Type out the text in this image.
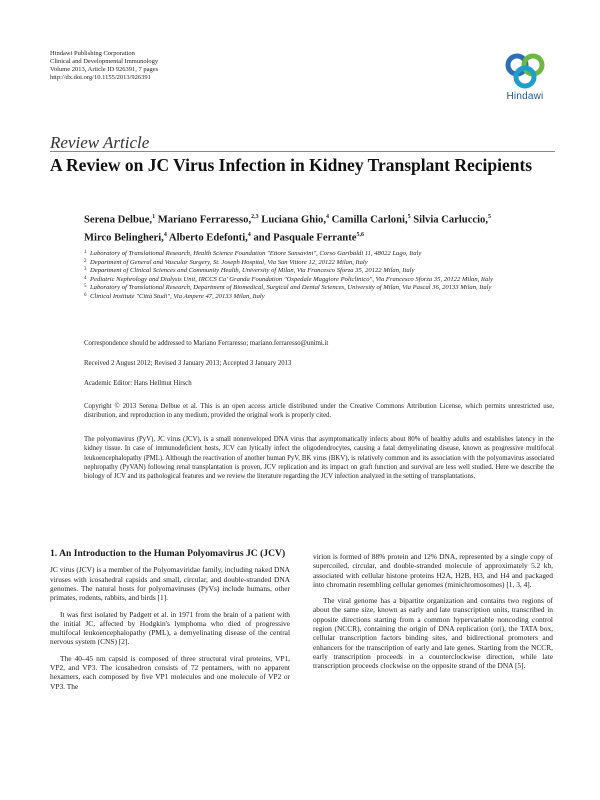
Hindawi Publishing Corporation
Clinical and Developmental Immunology
Volume 2013, Article ID 926391, 7 pages
http://dx.doi.org/10.1155/2013/926391
Hindawi
Review Article
A Review on JC Virus Infection in Kidney Transplant Recipients
Serena Delbue,$^1$ Mariano Ferraresso,$^{2,3}$ Luciana Ghio,$^4$ Camilla Carloni,$^5$ Silvia Carluccio,$^5$
Mirco Belingheri,$^4$ Alberto Edefonti,$^4$ and Pasquale Ferrante$^{5,6}$
1 Laboratory of Translational Research, Health Science Foundation "Ettore Sansavini", Corso Garibaldi 11, 48022 Lugo, Italy
2 Department of General and Vascular Surgery, St. Joseph Hospital, Via San Vittore 12, 20122 Milan, Italy
3 Department of Clinical Sciences and Community Health, University of Milan, Via Francesco Sforza 35, 20122 Milan, Italy
4 Pediatric Nephrology and Dialysis Unit, IRCCS Ca' Granda Foundation "Ospedale Maggiore Policlinico", Via Francesco Sforza 35, 20122 Milan, Italy
5 Laboratory of Translational Research, Department of Biomedical, Surgical and Dental Sciences, University of Milan, Via Pascal 36, 20133 Milan, Italy
6 Clinical Institute "Città Studi", Via Ampere 47, 20133 Milan, Italy
Correspondence should be addressed to Mariano Ferraresso; mariano.ferraresso@unimi.it
Received 2 August 2012; Revised 3 January 2013; Accepted 3 January 2013
Academic Editor: Hans Hellmut Hirsch
Copyright © 2013 Serena Delbue et al. This is an open access article distributed under the Creative Commons Attribution License, which permits unrestricted use, distribution, and reproduction in any medium, provided the original work is properly cited.
The polyomavirus (PyV), JC virus (JCV), is a small nonenveloped DNA virus that asymptomatically infects about 80% of healthy adults and establishes latency in the kidney tissue. In case of immunodeficient hosts, JCV can lytically infect the oligodendrocytes, causing a fatal demyelinating disease, known as progressive multifocal leukoencephalopathy (PML). Although the reactivation of another human PyV, BK virus (BKV), is relatively common and its association with the polyomavirus associated nephropathy (PyVAN) following renal transplantation is proven, JCV replication and its impact on graft function and survival are less well studied. Here we describe the biology of JCV and its pathological features and we review the literature regarding the JCV infection analyzed in the setting of transplantations.
1. An Introduction to the Human Polyomavirus JC (JCV)

JC virus (JCV) is a member of the Polyomaviridae family, including naked DNA viruses with icosahedral capsids and small, circular, and double-stranded DNA genomes. The natural hosts for polyomaviruses (PyVs) include humans, other primates, rodents, rabbits, and birds [1].

It was first isolated by Padgett et al. in 1971 from the brain of a patient with the initial JC, affected by Hodgkin's lymphoma who died of progressive multifocal leukoencephalopathy (PML), a demyelinating disease of the central nervous system (CNS) [2].

The 40–45 nm capsid is composed of three structural viral proteins, VP1, VP2, and VP3. The icosahedron consists of 72 pentamers, with no apparent hexamers, each composed by five VP1 molecules and one molecule of VP2 or VP3. The

virion is formed of 88% protein and 12% DNA, represented by a single copy of supercoiled, circular, and double-stranded molecule of approximately 5.2 kb, associated with cellular histone proteins H2A, H2B, H3, and H4 and packaged into chromatin resembling cellular genomes (minichromosomes) [1, 3, 4].

The viral genome has a bipartite organization and contains two regions of about the same size, known as early and late transcription units, transcribed in opposite directions starting from a common hypervariable noncoding control region (NCCR), containing the origin of DNA replication (ori), the TATA box, cellular transcription factors binding sites, and bidirectional promoters and enhancers for the transcription of early and late genes. Starting from the NCCR, early transcription proceeds in a counterclockwise direction, while late transcription proceeds clockwise on the opposite strand of the DNA [5].
